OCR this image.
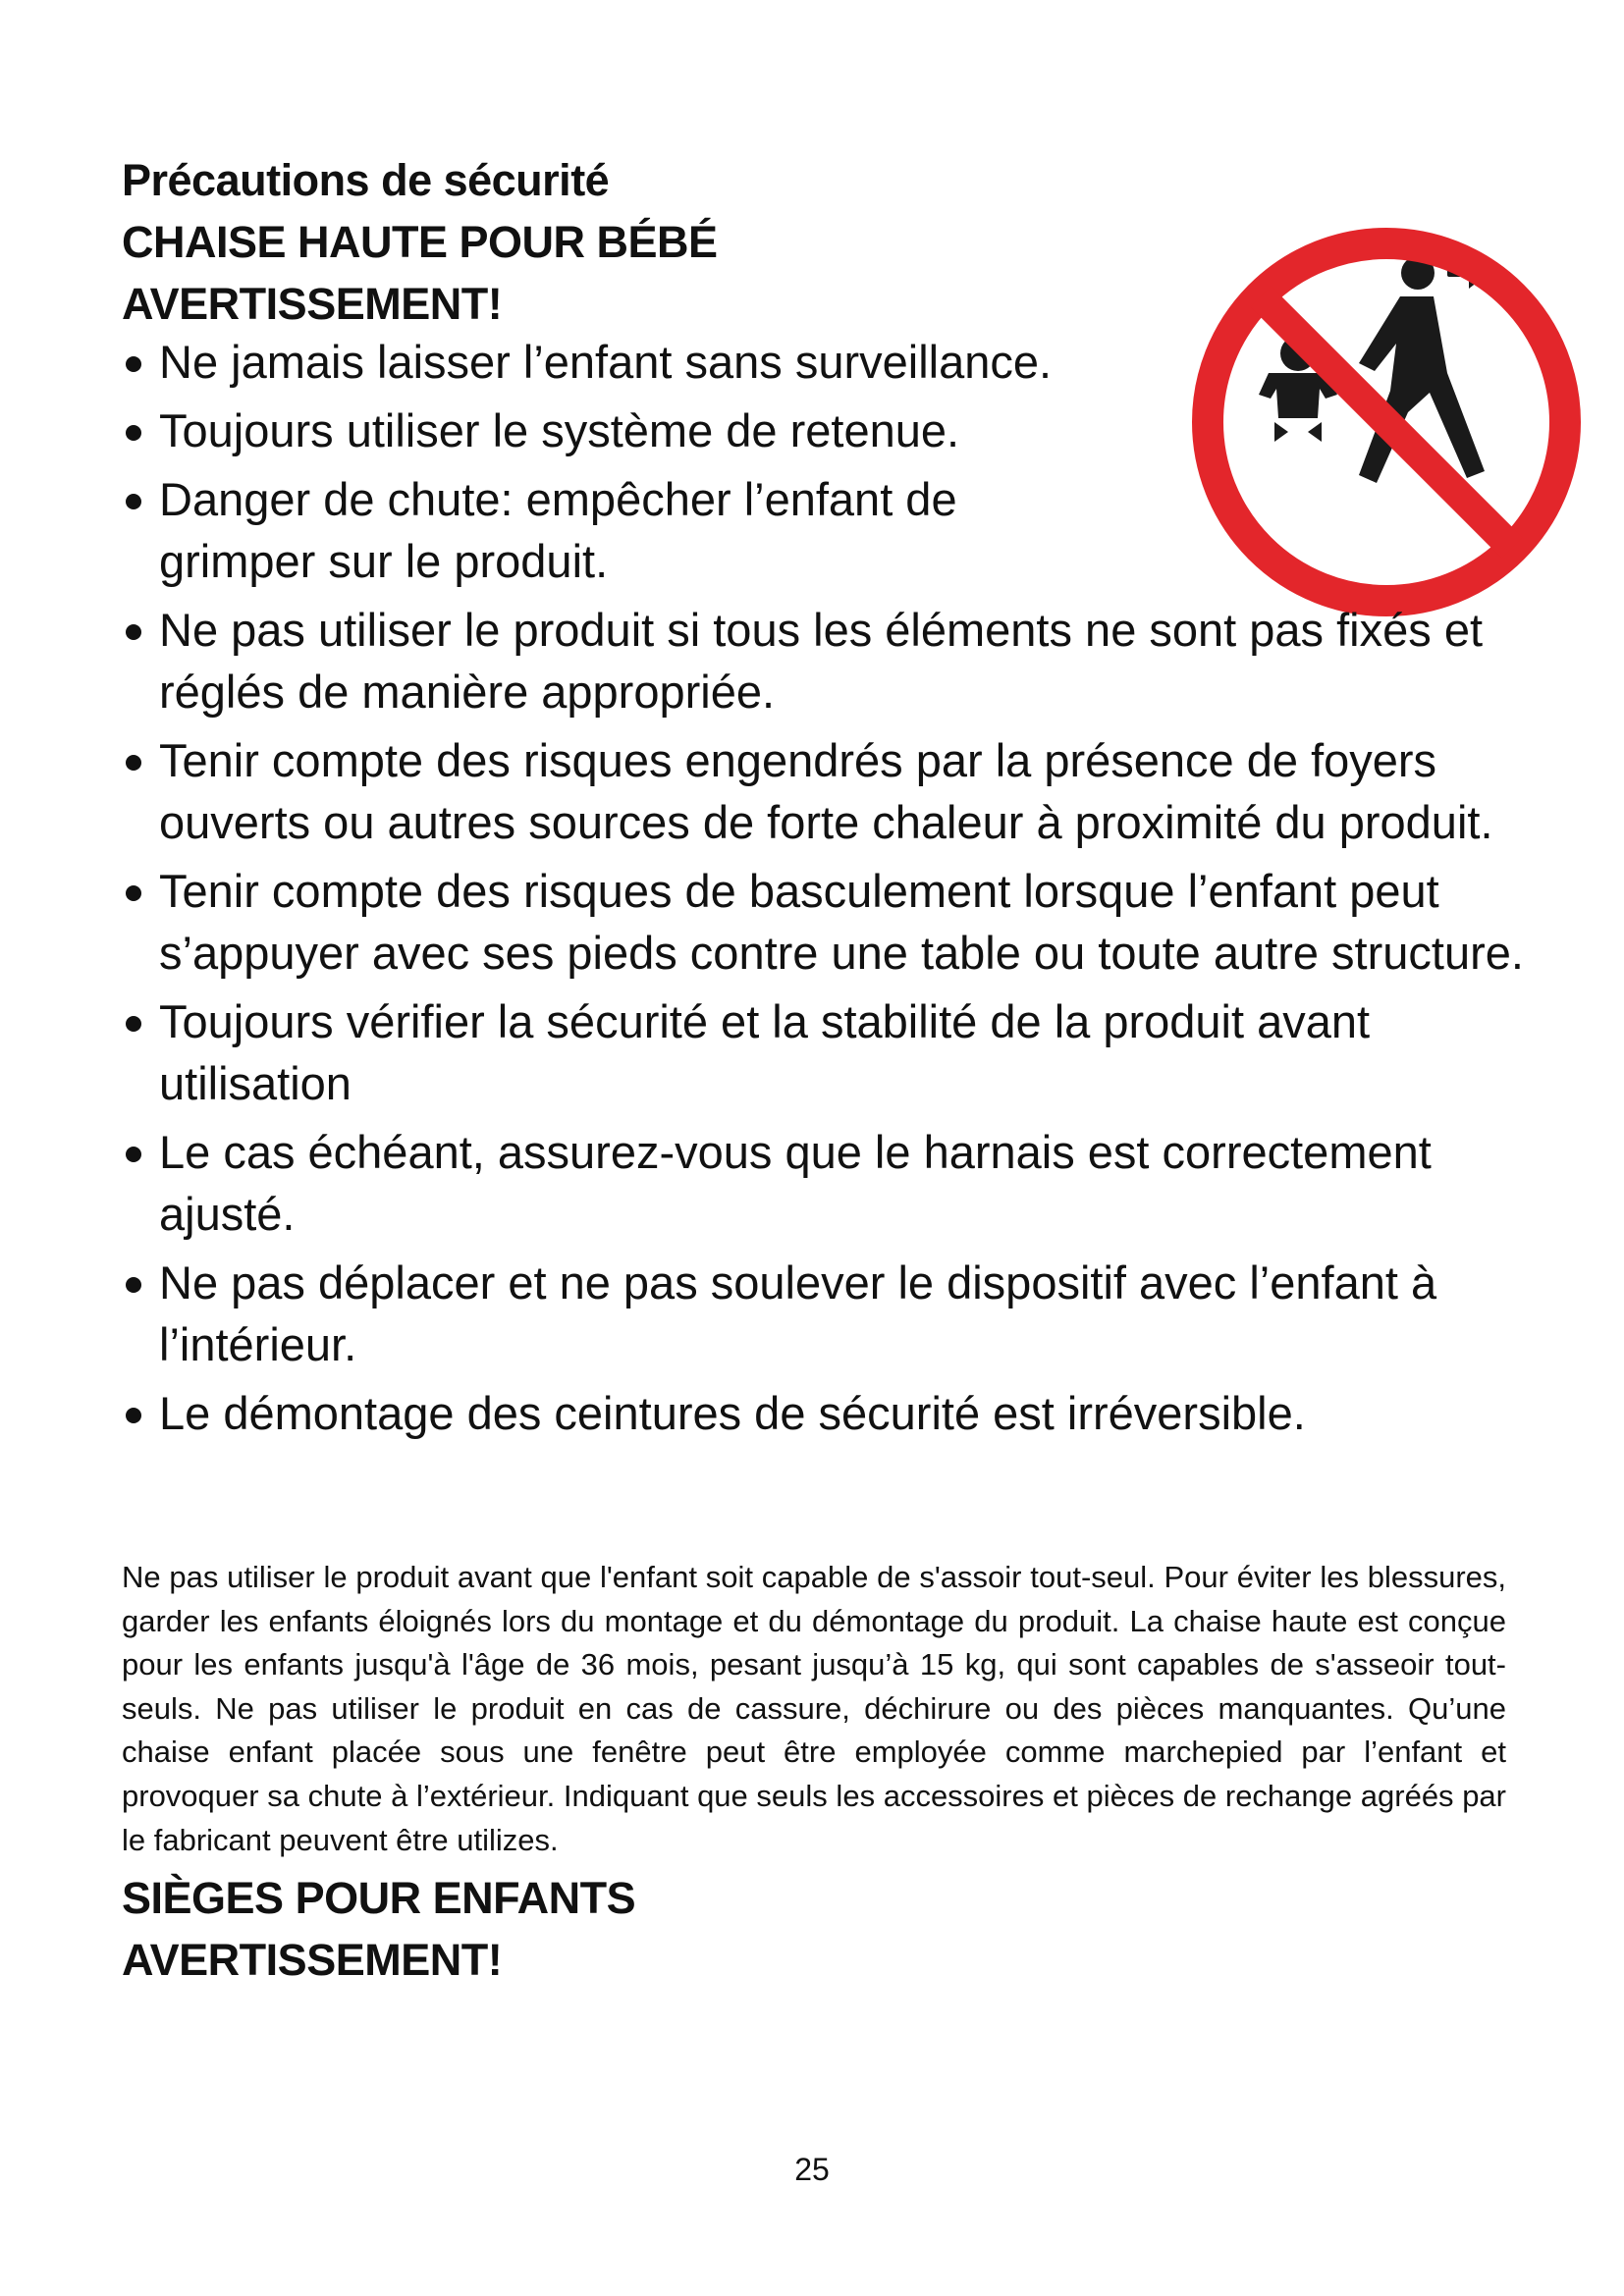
Précautions de sécurité

CHAISE HAUTE POUR BÉBÉ

AVERTISSEMENT!

Ne jamais laisser l’enfant sans surveillance.
Toujours utiliser le système de retenue.
Danger de chute: empêcher l’enfant de grimper sur le produit.
Ne pas utiliser le produit si tous les éléments ne sont pas fixés et réglés de manière appropriée.
Tenir compte des risques engendrés par la présence de foyers ouverts ou autres sources de forte chaleur à proximité du produit.
Tenir compte des risques de basculement lorsque l’enfant peut s’appuyer avec ses pieds contre une table ou toute autre structure.
Toujours vérifier la sécurité et la stabilité de la produit avant utilisation
Le cas échéant, assurez-vous que le harnais est correctement ajusté.
Ne pas déplacer et ne pas soulever le dispositif avec l’enfant à l’intérieur.
Le démontage des ceintures de sécurité est irréversible.

Ne pas utiliser le produit avant que l'enfant soit capable de s'assoir tout-seul. Pour éviter les blessures, garder les enfants éloignés lors du montage et du démontage du produit. La chaise haute est conçue pour les enfants jusqu'à l'âge de 36 mois, pesant jusqu’à 15 kg, qui sont capables de s'asseoir tout-seuls. Ne pas utiliser le produit en cas de cassure, déchirure ou des pièces manquantes. Qu’une chaise enfant placée sous une fenêtre peut être employée comme marchepied par l’enfant et provoquer sa chute à l’extérieur. Indiquant que seuls les accessoires et pièces de rechange agréés par le fabricant peuvent être utilizes.

SIÈGES POUR ENFANTS

AVERTISSEMENT!

25
